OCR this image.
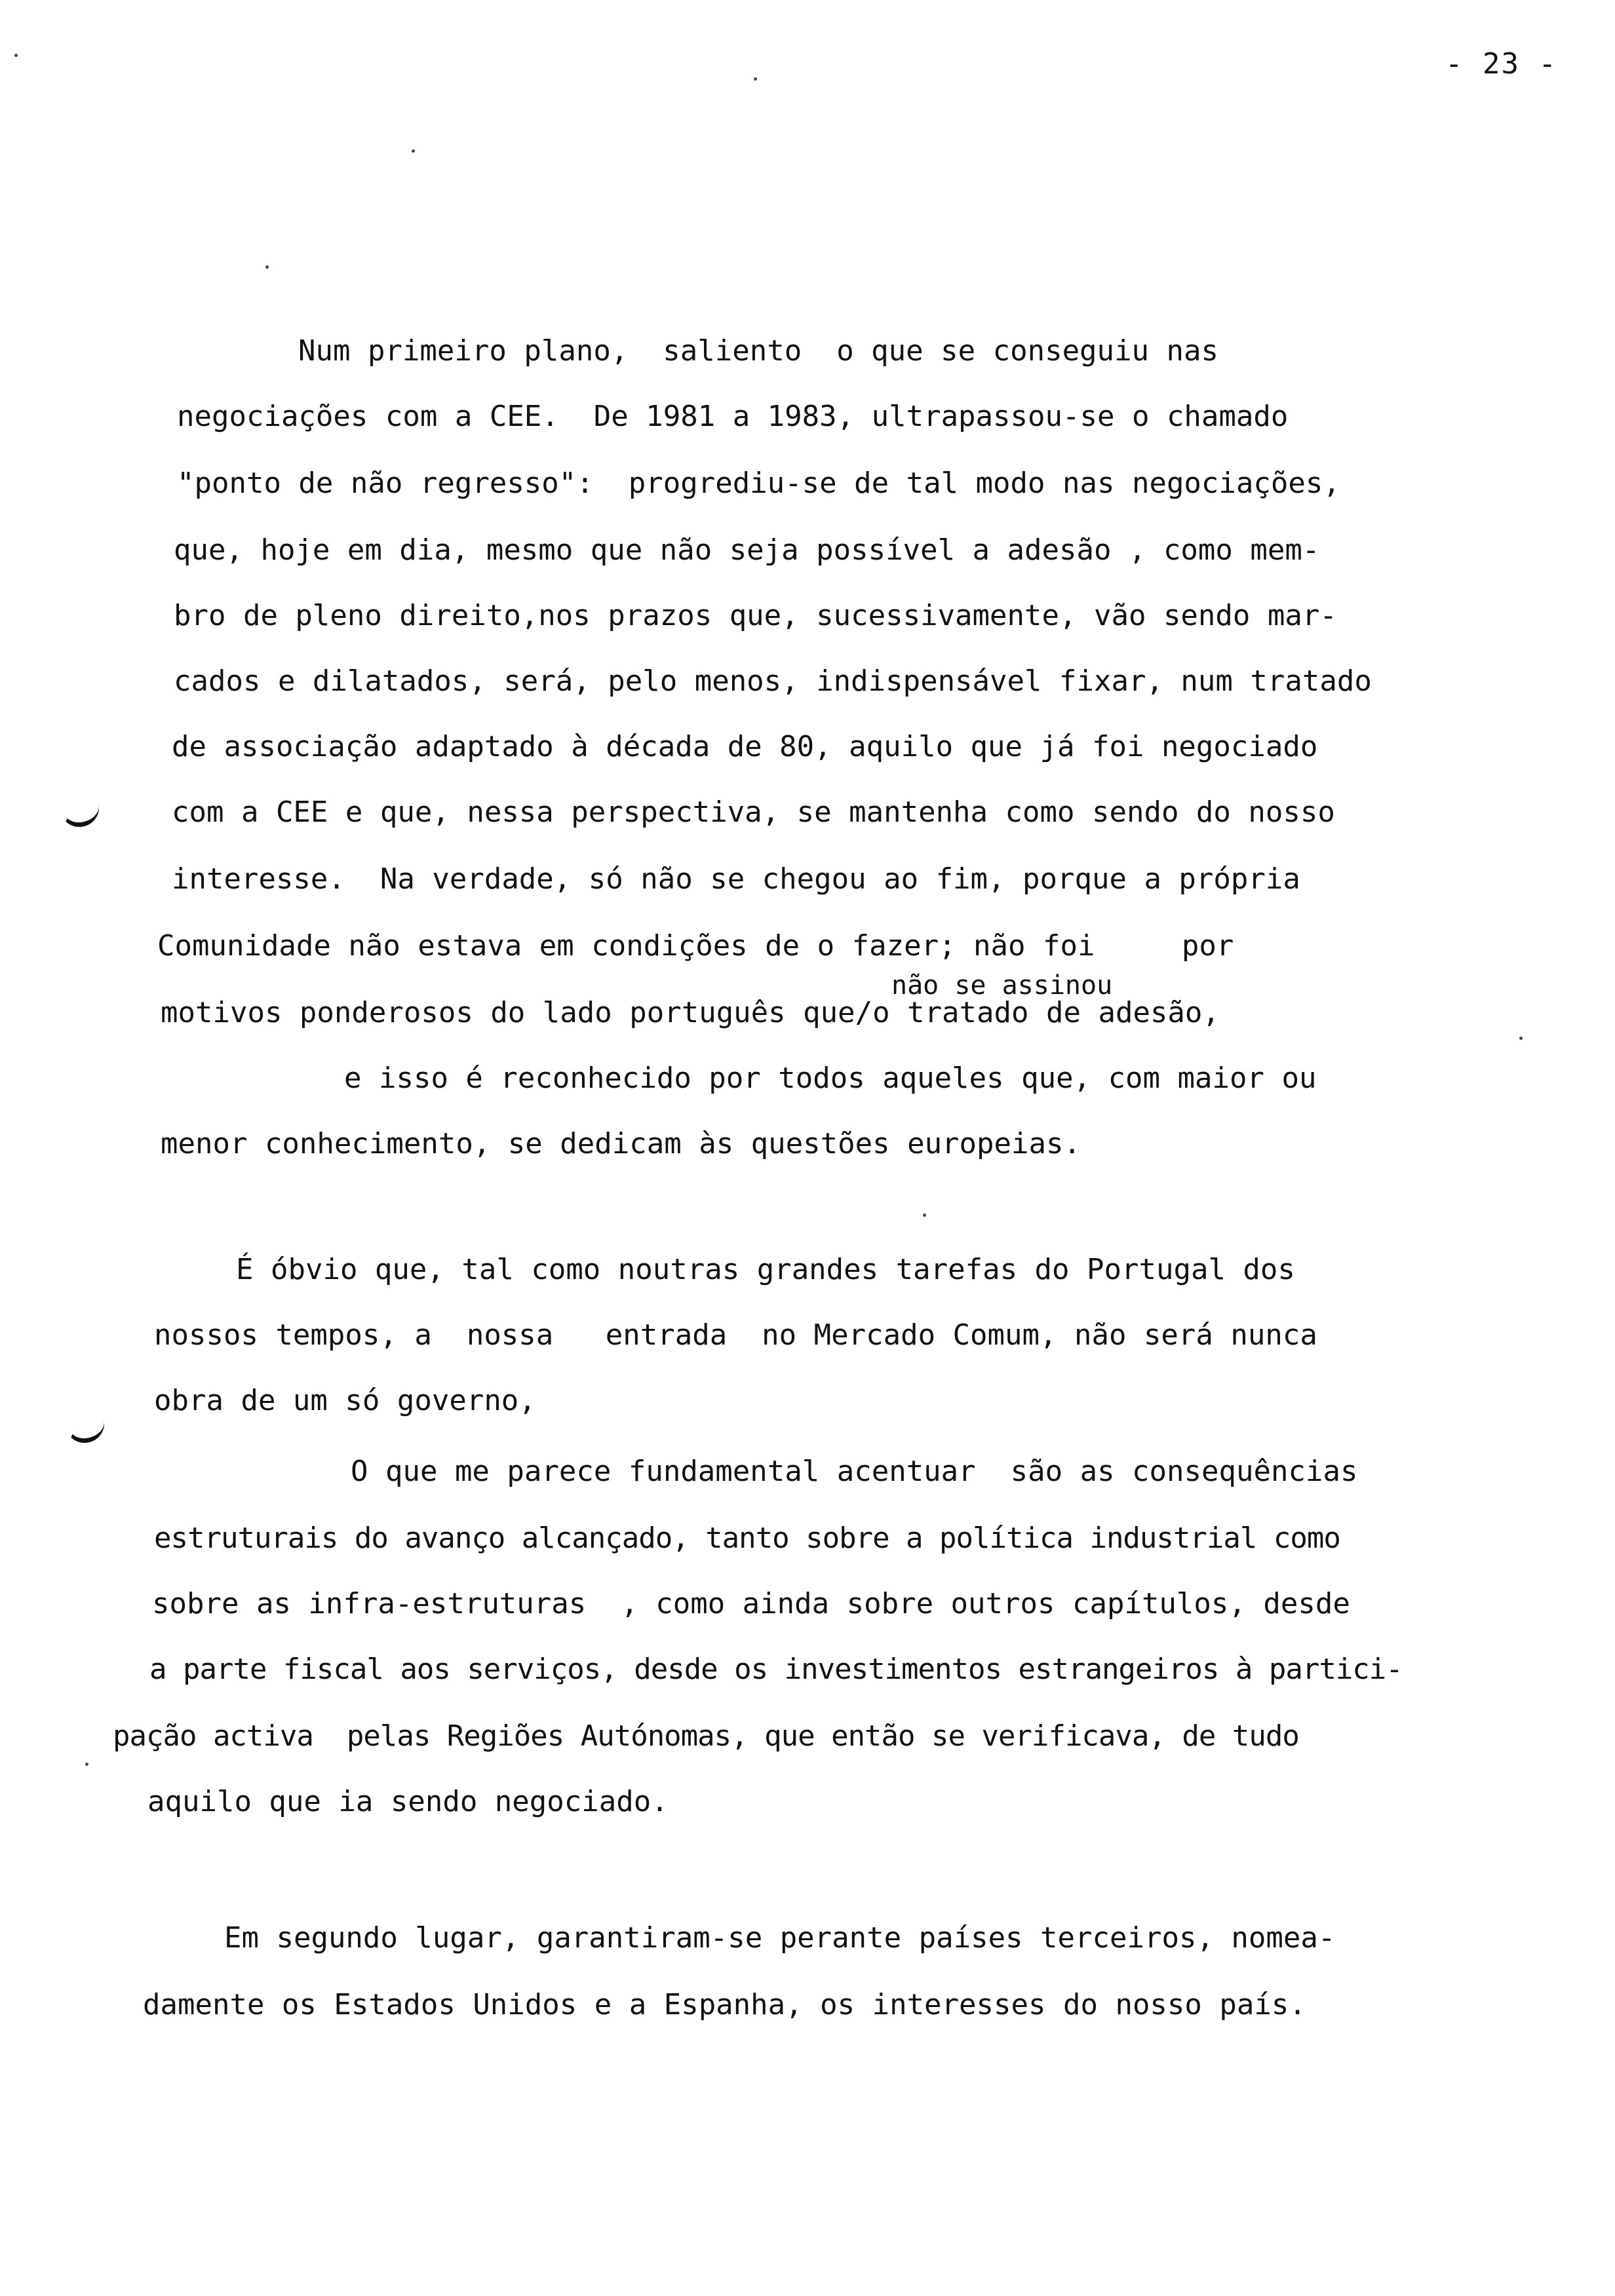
- 23 -
Num primeiro plano,  saliento  o que se conseguiu nas
negociações com a CEE.  De 1981 a 1983, ultrapassou-se o chamado
"ponto de não regresso":  progrediu-se de tal modo nas negociações,
que, hoje em dia, mesmo que não seja possível a adesão , como mem-
bro de pleno direito,nos prazos que, sucessivamente, vão sendo mar-
cados e dilatados, será, pelo menos, indispensável fixar, num tratado
de associação adaptado à década de 80, aquilo que já foi negociado
com a CEE e que, nessa perspectiva, se mantenha como sendo do nosso
interesse.  Na verdade, só não se chegou ao fim, porque a própria
Comunidade não estava em condições de o fazer; não foi     por
não se assinou
motivos ponderosos do lado português que/o tratado de adesão,
e isso é reconhecido por todos aqueles que, com maior ou
menor conhecimento, se dedicam às questões europeias.
É óbvio que, tal como noutras grandes tarefas do Portugal dos
nossos tempos, a  nossa   entrada  no Mercado Comum, não será nunca
obra de um só governo,
O que me parece fundamental acentuar  são as consequências
estruturais do avanço alcançado, tanto sobre a política industrial como
sobre as infra-estruturas  , como ainda sobre outros capítulos, desde
a parte fiscal aos serviços, desde os investimentos estrangeiros à partici-
pação activa  pelas Regiões Autónomas, que então se verificava, de tudo
aquilo que ia sendo negociado.
Em segundo lugar, garantiram-se perante países terceiros, nomea-
damente os Estados Unidos e a Espanha, os interesses do nosso país.
